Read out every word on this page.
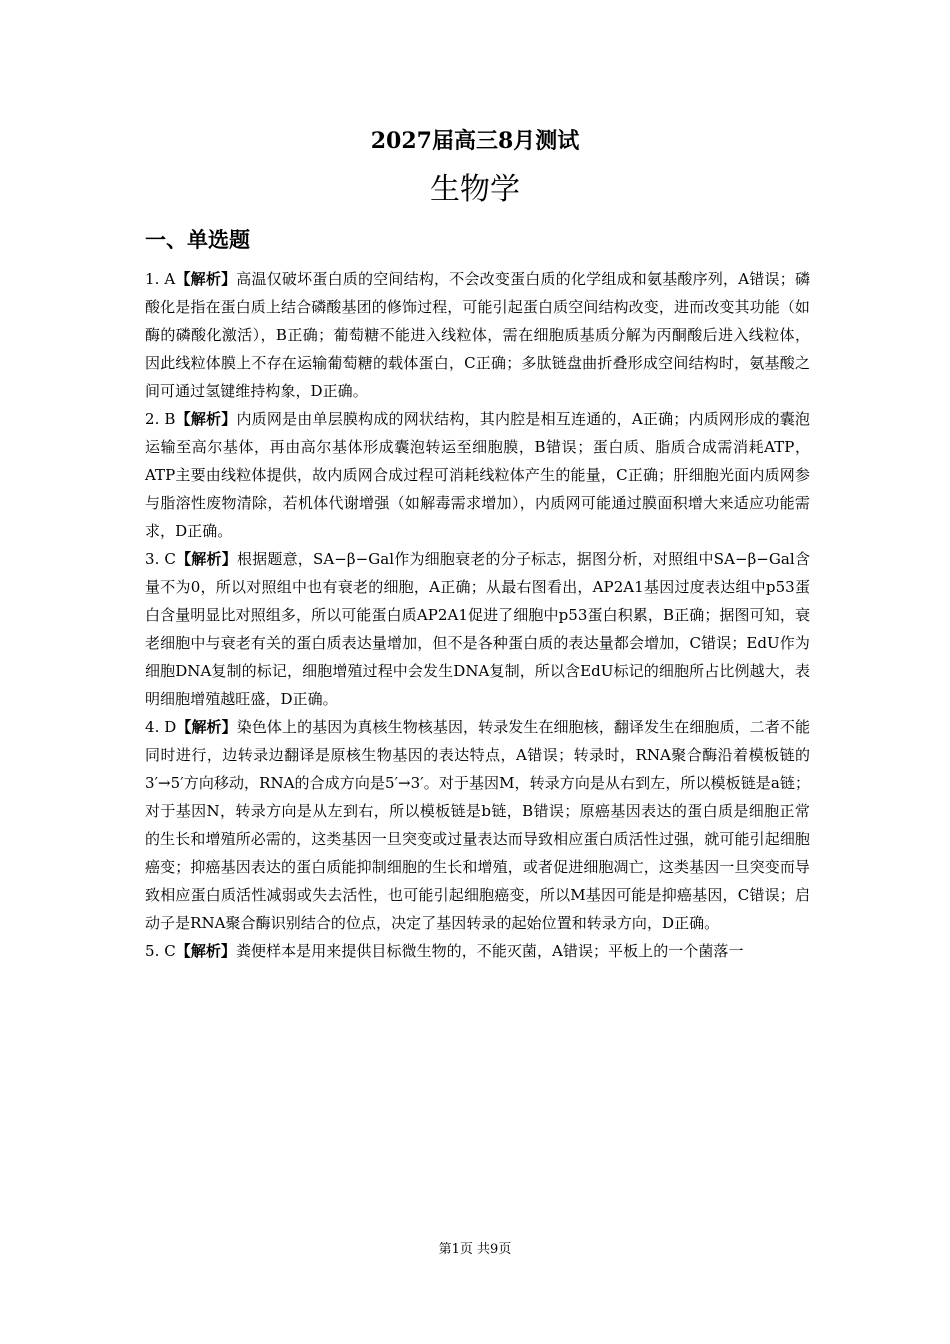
2027届高三8月测试
生物学
一、单选题

1. A【解析】高温仅破坏蛋白质的空间结构，不会改变蛋白质的化学组成和氨基酸序列，A错误；磷酸化是指在蛋白质上结合磷酸基团的修饰过程，可能引起蛋白质空间结构改变，进而改变其功能（如酶的磷酸化激活），B正确；葡萄糖不能进入线粒体，需在细胞质基质分解为丙酮酸后进入线粒体，因此线粒体膜上不存在运输葡萄糖的载体蛋白，C正确；多肽链盘曲折叠形成空间结构时，氨基酸之间可通过氢键维持构象，D正确。

2. B【解析】内质网是由单层膜构成的网状结构，其内腔是相互连通的，A正确；内质网形成的囊泡运输至高尔基体，再由高尔基体形成囊泡转运至细胞膜，B错误；蛋白质、脂质合成需消耗ATP，ATP主要由线粒体提供，故内质网合成过程可消耗线粒体产生的能量，C正确；肝细胞光面内质网参与脂溶性废物清除，若机体代谢增强（如解毒需求增加），内质网可能通过膜面积增大来适应功能需求，D正确。

3. C【解析】根据题意，SA−β−Gal作为细胞衰老的分子标志，据图分析，对照组中SA−β−Gal含量不为0，所以对照组中也有衰老的细胞，A正确；从最右图看出，AP2A1基因过度表达组中p53蛋白含量明显比对照组多，所以可能蛋白质AP2A1促进了细胞中p53蛋白积累，B正确；据图可知，衰老细胞中与衰老有关的蛋白质表达量增加，但不是各种蛋白质的表达量都会增加，C错误；EdU作为细胞DNA复制的标记，细胞增殖过程中会发生DNA复制，所以含EdU标记的细胞所占比例越大，表明细胞增殖越旺盛，D正确。

4. D【解析】染色体上的基因为真核生物核基因，转录发生在细胞核，翻译发生在细胞质，二者不能同时进行，边转录边翻译是原核生物基因的表达特点，A错误；转录时，RNA聚合酶沿着模板链的3′→5′方向移动，RNA的合成方向是5′→3′。对于基因M，转录方向是从右到左，所以模板链是a链；对于基因N，转录方向是从左到右，所以模板链是b链，B错误；原癌基因表达的蛋白质是细胞正常的生长和增殖所必需的，这类基因一旦突变或过量表达而导致相应蛋白质活性过强，就可能引起细胞癌变；抑癌基因表达的蛋白质能抑制细胞的生长和增殖，或者促进细胞凋亡，这类基因一旦突变而导致相应蛋白质活性减弱或失去活性，也可能引起细胞癌变，所以M基因可能是抑癌基因，C错误；启动子是RNA聚合酶识别结合的位点，决定了基因转录的起始位置和转录方向，D正确。

5. C【解析】粪便样本是用来提供目标微生物的，不能灭菌，A错误；平板上的一个菌落一

第1页 共9页
